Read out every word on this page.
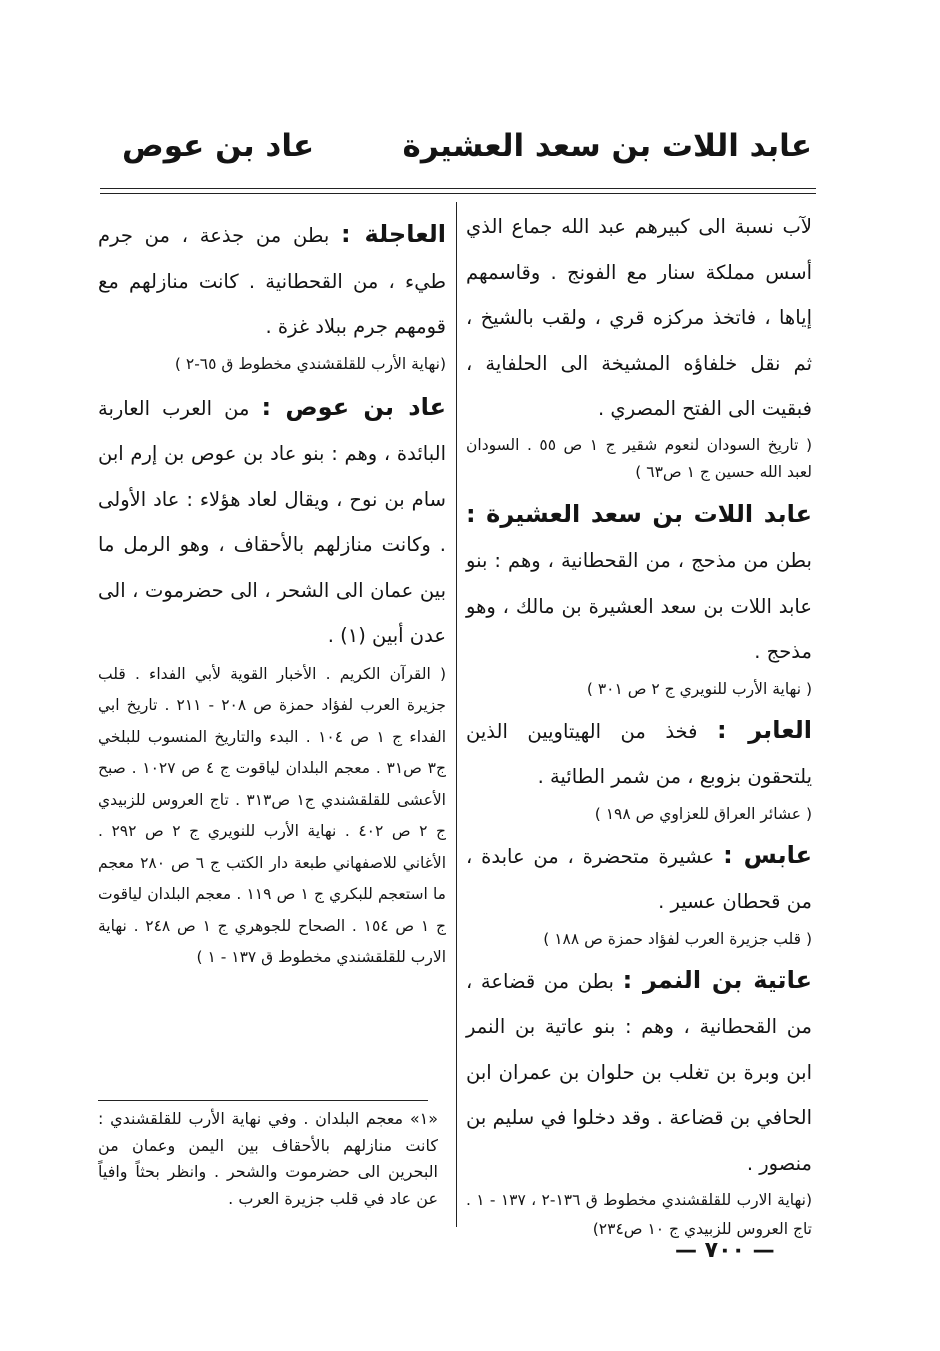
عابد اللات بن سعد العشيرة
عاد بن عوص

لآب نسبة الى كبيرهم عبد الله جماع الذي أسس مملكة سنار مع الفونج . وقاسمهم إياها ، فاتخذ مركزه قري ، ولقب بالشيخ ، ثم نقل خلفاؤه المشيخة الى الحلفاية ، فبقيت الى الفتح المصري .

( تاريخ السودان لنعوم شقير ج ١ ص ٥٥ . السودان لعبد الله حسين ج ١ ص٦٣ )

عابد اللات بن سعد العشيرة : بطن من مذحج ، من القحطانية ، وهم : بنو عابد اللات بن سعد العشيرة بن مالك ، وهو مذحج .

( نهاية الأرب للنويري ج ٢ ص ٣٠١ )

العابر : فخذ من الهيتاويين الذين يلتحقون بزوبع ، من شمر الطائية .

( عشائر العراق للعزاوي ص ١٩٨ )

عابس : عشيرة متحضرة ، من عابدة ، من قحطان عسير .

( قلب جزيرة العرب لفؤاد حمزة ص ١٨٨ )

عاتية بن النمر : بطن من قضاعة ، من القحطانية ، وهم : بنو عاتية بن النمر ابن وبرة بن تغلب بن حلوان بن عمران ابن الحافي بن قضاعة . وقد دخلوا في سليم بن منصور .

(نهاية الارب للقلقشندي مخطوط ق ١٣٦-٢ ، ١٣٧ - ١ . تاج العروس للزبيدي ج ١٠ ص٢٣٤)

العاجلة : بطن من جذعة ، من جرم طيء ، من القحطانية . كانت منازلهم مع قومهم جرم ببلاد غزة .

(نهاية الأرب للقلقشندي مخطوط ق ٦٥-٢ )

عاد بن عوص : من العرب العاربة البائدة ، وهم : بنو عاد بن عوص بن إرم ابن سام بن نوح ، ويقال لعاد هؤلاء : عاد الأولى . وكانت منازلهم بالأحقاف ، وهو الرمل ما بين عمان الى الشحر ، الى حضرموت ، الى عدن أبين (١) .

( القرآن الكريم . الأخبار القوية لأبي الفداء . قلب جزيرة العرب لفؤاد حمزة ص ٢٠٨ - ٢١١ . تاريخ ابي الفداء ج ١ ص ١٠٤ . البدء والتاريخ المنسوب للبلخي ج٣ ص٣١ . معجم البلدان لياقوت ج ٤ ص ١٠٢٧ . صبح الأعشى للقلقشندي ج١ ص٣١٣ . تاج العروس للزبيدي ج ٢ ص ٤٠٢ . نهاية الأرب للنويري ج ٢ ص ٢٩٢ . الأغاني للاصفهاني طبعة دار الكتب ج ٦ ص ٢٨٠ معجم ما استعجم للبكري ج ١ ص ١١٩ . معجم البلدان لياقوت ج ١ ص ١٥٤ . الصحاح للجوهري ج ١ ص ٢٤٨ . نهاية الارب للقلقشندي مخطوط ق ١٣٧ - ١ )

«١» معجم البلدان . وفي نهاية الأرب للقلقشندي : كانت منازلهم بالأحقاف بين اليمن وعمان من البحرين الى حضرموت والشحر . وانظر بحثاً وافياً عن عاد في قلب جزيرة العرب .
— ٧٠٠ —
